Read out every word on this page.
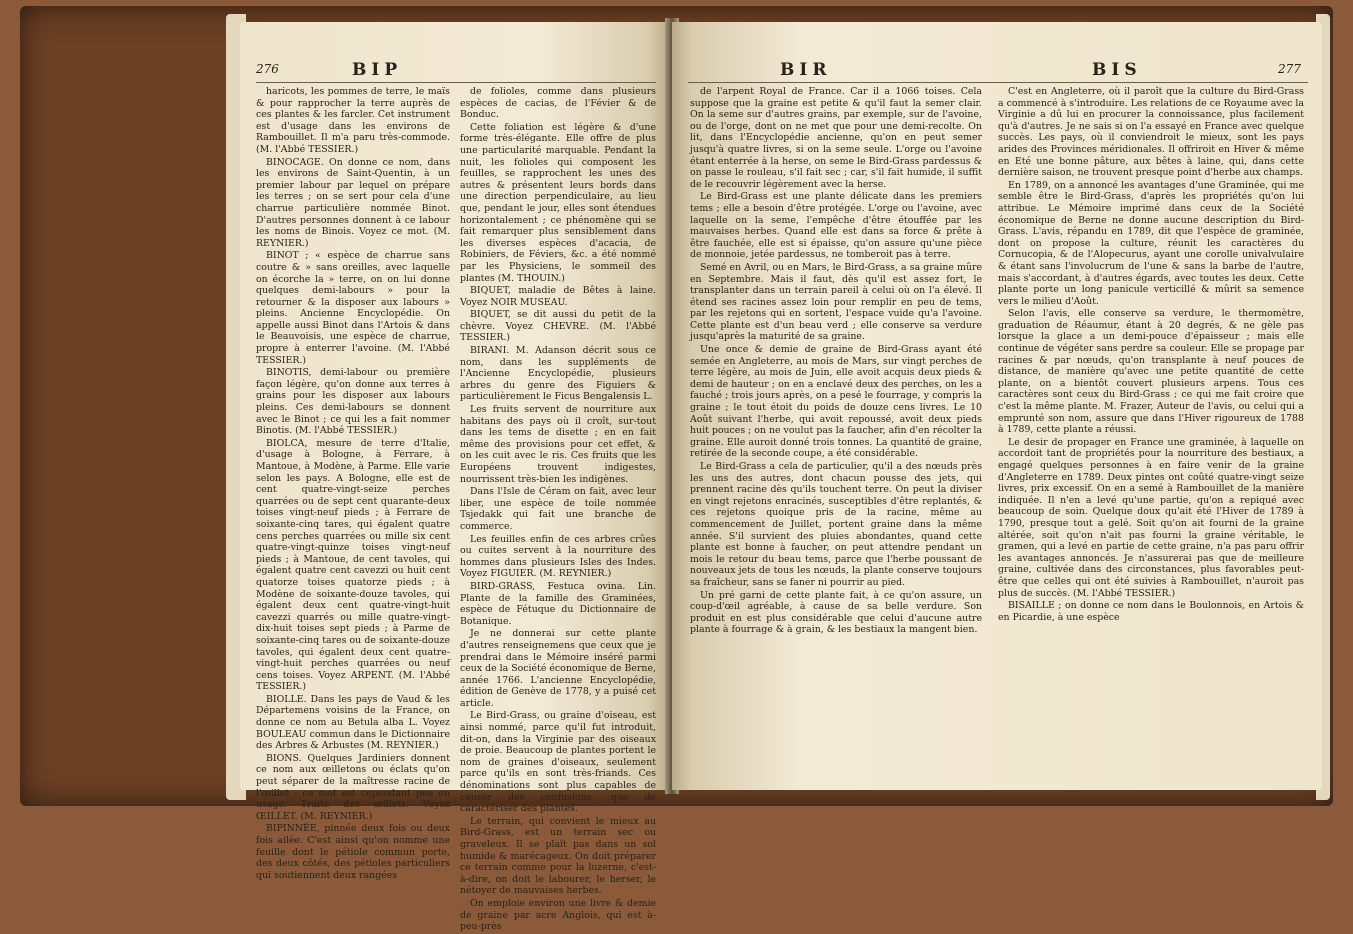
276	BIP

haricots, les pommes de terre, le maïs & pour rapprocher la terre auprès de ces plantes & les farcler. Cet instrument est d'usage dans les environs de Rambouillet. Il m'a paru très-commode. (M. l'Abbé TESSIER.)

BINOCAGE. On donne ce nom, dans les environs de Saint-Quentin, à un premier labour par lequel on prépare les terres ; on se sert pour cela d'une charrue particulière nommée Binot. D'autres personnes donnent à ce labour les noms de Binois. Voyez ce mot. (M. REYNIER.)

BINOT ; « espèce de charrue sans coutre & » sans oreilles, avec laquelle on écorche la » terre, on on lui donne quelques demi-labours » pour la retourner & la disposer aux labours » pleins. Ancienne Encyclopédie. On appelle aussi Binot dans l'Artois & dans le Beauvoisis, une espèce de charrue, propre à enterrer l'avoine. (M. l'Abbé TESSIER.)

BINOTIS, demi-labour ou première façon légère, qu'on donne aux terres à grains pour les disposer aux labours pleins. Ces demi-labours se donnent avec le Binot ; ce qui les a fait nommer Binotis. (M. l'Abbé TESSIER.)

BIOLCA, mesure de terre d'Italie, d'usage à Bologne, à Ferrare, à Mantoue, à Modène, à Parme. Elle varie selon les pays. A Bologne, elle est de cent quatre-vingt-seize perches quarrées ou de sept cent quarante-deux toises vingt-neuf pieds ; à Ferrare de soixante-cinq tares, qui égalent quatre cens perches quarrées ou mille six cent quatre-vingt-quinze toises vingt-neuf pieds ; à Mantoue, de cent tavoles, qui égalent quatre cent cavezzi ou huit cent quatorze toises quatorze pieds ; à Modène de soixante-douze tavoles, qui égalent deux cent quatre-vingt-huit cavezzi quarrés ou mille quatre-vingt-dix-huit toises sept pieds ; à Parme de soixante-cinq tares ou de soixante-douze tavoles, qui égalent deux cent quatre-vingt-huit perches quarrées ou neuf cens toises. Voyez ARPENT. (M. l'Abbé TESSIER.)

BIOLLE. Dans les pays de Vaud & les Départemens voisins de la France, on donne ce nom au Betula alba L. Voyez BOULEAU commun dans le Dictionnaire des Arbres & Arbustes (M. REYNIER.)

BIONS. Quelques Jardiniers donnent ce nom aux œilletons ou éclats qu'on peut séparer de la maîtresse racine de l'œillet : ce mot est cependant peu en usage. Traité des œillets. Voyez ŒILLET. (M. REYNIER.)

BIPINNÉE, pinnée deux fois ou deux fois ailée. C'est ainsi qu'on nomme une feuille dont le pétiole commun porte, des deux côtés, des pétioles particuliers qui soutiennent deux rangées

de folioles, comme dans plusieurs espèces de cacias, de l'Févier & de Bonduc.

Cette foliation est légère & d'une forme très-élégante. Elle offre de plus une particularité marquable. Pendant la nuit, les folioles qui composent les feuilles, se rapprochent les unes des autres & présentent leurs bords dans une direction perpendiculaire, au lieu que, pendant le jour, elles sont étendues horizontalement ; ce phénomène qui se fait remarquer plus sensiblement dans les diverses espèces d'acacia, de Robiniers, de Féviers, &c. a été nommé par les Physiciens, le sommeil des plantes (M. THOUIN.)

BIQUET, maladie de Bêtes à laine. Voyez NOIR MUSEAU.

BIQUET, se dit aussi du petit de la chèvre. Voyez CHEVRE. (M. l'Abbé TESSIER.)

BIRANI. M. Adanson décrit sous ce nom, dans les suppléments de l'Ancienne Encyclopédie, plusieurs arbres du genre des Figuiers & particulièrement le Ficus Bengalensis L.

Les fruits servent de nourriture aux habitans des pays où il croît, sur-tout dans les tems de disette ; en en fait même des provisions pour cet effet, & on les cuit avec le ris. Ces fruits que les Européens trouvent indigestes, nourrissent très-bien les indigènes.

Dans l'Isle de Céram on fait, avec leur liber, une espèce de toile nommée Tsjedakk qui fait une branche de commerce.

Les feuilles enfin de ces arbres crûes ou cuites servent à la nourriture des hommes dans plusieurs Isles des Indes. Voyez FIGUIER. (M. REYNIER.)

BIRD-GRASS, Festuca ovina. Lin. Plante de la famille des Graminées, espèce de Fétuque du Dictionnaire de Botanique.

Je ne donnerai sur cette plante d'autres renseignemens que ceux que je prendrai dans le Mémoire inséré parmi ceux de la Société économique de Berne, année 1766. L'ancienne Encyclopédie, édition de Genève de 1778, y a puisé cet article.

Le Bird-Grass, ou graine d'oiseau, est ainsi nommé, parce qu'il fut introduit, dit-on, dans la Virginie par des oiseaux de proie. Beaucoup de plantes portent le nom de graines d'oiseaux, seulement parce qu'ils en sont très-friands. Ces dénominations sont plus capables de causer des confusions, que de caractériser des plantes.

Le terrain, qui convient le mieux au Bird-Grass, est un terrain sec ou graveleux. Il se plaît pas dans un sol humide & marécageux. On doit préparer ce terrain comme pour la luzerne, c'est-à-dire, on doit le labourer, le herser, le nétoyer de mauvaises herbes.

On emploie environ une livre & demie de graine par acre Anglois, qui est à-peu-près

BIR	BIS	277

de l'arpent Royal de France. Car il a 1066 toises. Cela suppose que la graine est petite & qu'il faut la semer clair. On la seme sur d'autres grains, par exemple, sur de l'avoine, ou de l'orge, dont on ne met que pour une demi-recolte. On lit, dans l'Encyclopédie ancienne, qu'on en peut semer jusqu'à quatre livres, si on la seme seule. L'orge ou l'avoine étant enterrée à la herse, on seme le Bird-Grass pardessus & on passe le rouleau, s'il fait sec ; car, s'il fait humide, il suffit de le recouvrir légèrement avec la herse.

Le Bird-Grass est une plante délicate dans les premiers tems ; elle a besoin d'être protégée. L'orge ou l'avoine, avec laquelle on la seme, l'empêche d'être étouffée par les mauvaises herbes. Quand elle est dans sa force & prête à être fauchée, elle est si épaisse, qu'on assure qu'une pièce de monnoie, jetée pardessus, ne tomberoit pas à terre.

Semé en Avril, ou en Mars, le Bird-Grass, a sa graine mûre en Septembre. Mais il faut, dès qu'il est assez fort, le transplanter dans un terrain pareil à celui où on l'a élevé. Il étend ses racines assez loin pour remplir en peu de tems, par les rejetons qui en sortent, l'espace vuide qu'a l'avoine. Cette plante est d'un beau verd ; elle conserve sa verdure jusqu'après la maturité de sa graine.

Une once & demie de graine de Bird-Grass ayant été semée en Angleterre, au mois de Mars, sur vingt perches de terre légère, au mois de Juin, elle avoit acquis deux pieds & demi de hauteur ; on en a enclavé deux des perches, on les a fauché ; trois jours après, on a pesé le fourrage, y compris la graine ; le tout étoit du poids de douze cens livres. Le 10 Août suivant l'herbe, qui avoit repoussé, avoit deux pieds huit pouces ; on ne voulut pas la faucher, afin d'en récolter la graine. Elle auroit donné trois tonnes. La quantité de graine, retirée de la seconde coupe, a été considérable.

Le Bird-Grass a cela de particulier, qu'il a des nœuds près les uns des autres, dont chacun pousse des jets, qui prennent racine dès qu'ils touchent terre. On peut la diviser en vingt rejetons enracinés, susceptibles d'être replantés, & ces rejetons quoique pris de la racine, même au commencement de Juillet, portent graine dans la même année. S'il survient des pluies abondantes, quand cette plante est bonne à faucher, on peut attendre pendant un mois le retour du beau tems, parce que l'herbe poussant de nouveaux jets de tous les nœuds, la plante conserve toujours sa fraîcheur, sans se faner ni pourrir au pied.

Un pré garni de cette plante fait, à ce qu'on assure, un coup-d'œil agréable, à cause de sa belle verdure. Son produit en est plus considérable que celui d'aucune autre plante à fourrage & à grain, & les bestiaux la mangent bien.

C'est en Angleterre, où il paroît que la culture du Bird-Grass a commencé à s'introduire. Les relations de ce Royaume avec la Virginie a dû lui en procurer la connoissance, plus facilement qu'à d'autres. Je ne sais si on l'a essayé en France avec quelque succès. Les pays, où il conviendroit le mieux, sont les pays arides des Provinces méridionales. Il offriroit en Hiver & même en Eté une bonne pâture, aux bêtes à laine, qui, dans cette dernière saison, ne trouvent presque point d'herbe aux champs.

En 1789, on a annoncé les avantages d'une Graminée, qui me semble être le Bird-Grass, d'après les propriétés qu'on lui attribue. Le Mémoire imprimé dans ceux de la Société économique de Berne ne donne aucune description du Bird-Grass. L'avis, répandu en 1789, dit que l'espèce de graminée, dont on propose la culture, réunit les caractères du Cornucopia, & de l'Alopecurus, ayant une corolle univalvulaire & étant sans l'involucrum de l'une & sans la barbe de l'autre, mais s'accordant, à d'autres égards, avec toutes les deux. Cette plante porte un long panicule verticillé & mûrit sa semence vers le milieu d'Août.

Selon l'avis, elle conserve sa verdure, le thermomètre, graduation de Réaumur, étant à 20 degrés, & ne gèle pas lorsque la glace a un demi-pouce d'épaisseur ; mais elle continue de végéter sans perdre sa couleur. Elle se propage par racines & par nœuds, qu'on transplante à neuf pouces de distance, de manière qu'avec une petite quantité de cette plante, on a bientôt couvert plusieurs arpens. Tous ces caractères sont ceux du Bird-Grass ; ce qui me fait croire que c'est la même plante. M. Frazer, Auteur de l'avis, ou celui qui a emprunté son nom, assure que dans l'Hiver rigoureux de 1788 à 1789, cette plante a réussi.

Le desir de propager en France une graminée, à laquelle on accordoit tant de propriétés pour la nourriture des bestiaux, a engagé quelques personnes à en faire venir de la graine d'Angleterre en 1789. Deux pintes ont coûté quatre-vingt seize livres, prix excessif. On en a semé à Rambouillet de la manière indiquée. Il n'en a levé qu'une partie, qu'on a repiqué avec beaucoup de soin. Quelque doux qu'ait été l'Hiver de 1789 à 1790, presque tout a gelé. Soit qu'on ait fourni de la graine altérée, soit qu'on n'ait pas fourni la graine véritable, le gramen, qui a levé en partie de cette graine, n'a pas paru offrir les avantages annoncés. Je n'assurerai pas que de meilleure graine, cultivée dans des circonstances, plus favorables peut-être que celles qui ont été suivies à Rambouillet, n'auroit pas plus de succès. (M. l'Abbé TESSIER.)

BISAILLE ; on donne ce nom dans le Boulonnois, en Artois & en Picardie, à une espèce
